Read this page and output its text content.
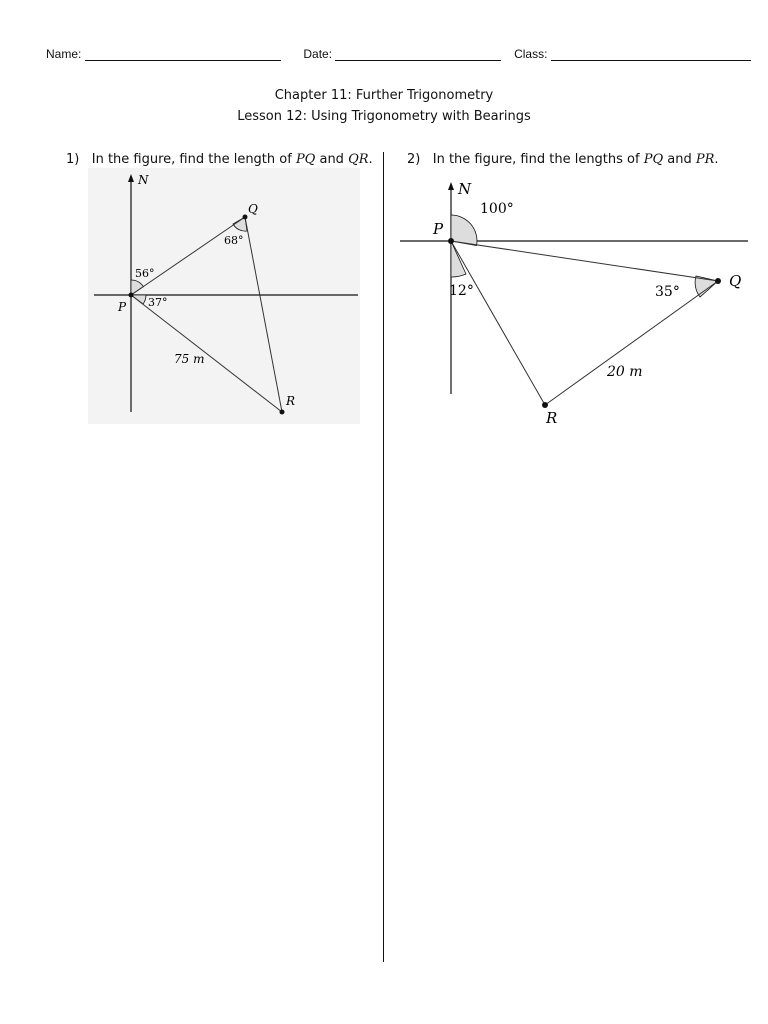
Name:	Date:	Class:
Chapter 11: Further Trigonometry
Lesson 12: Using Trigonometry with Bearings
1) In the figure, find the length of PQ and QR.	2) In the figure, find the lengths of PQ and PR.
N
P
Q
R
56°
37°
68°
75 m
N
P
Q
R
100°
12°	35°
20 m
